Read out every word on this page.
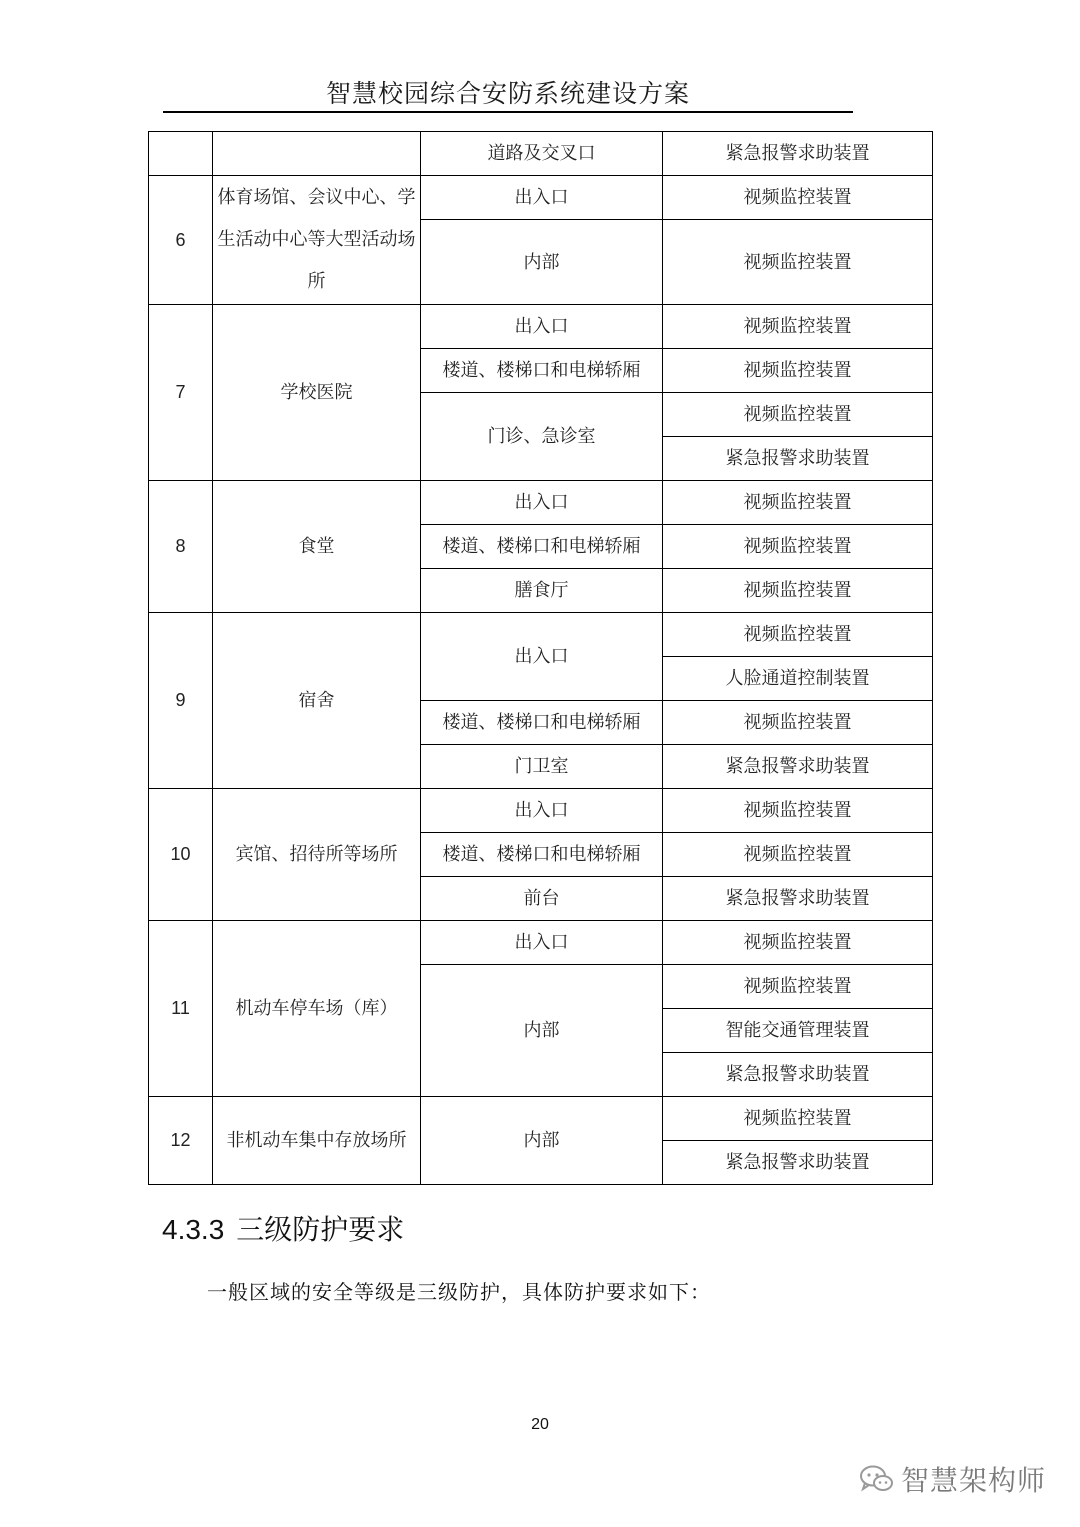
智慧校园综合安防系统建设方案
		道路及交叉口	紧急报警求助装置
6	体育场馆、会议中心、学生活动中心等大型活动场所	出入口	视频监控装置
		内部	视频监控装置
7	学校医院	出入口	视频监控装置
		楼道、楼梯口和电梯轿厢	视频监控装置
		门诊、急诊室	视频监控装置
			紧急报警求助装置
8	食堂	出入口	视频监控装置
		楼道、楼梯口和电梯轿厢	视频监控装置
		膳食厅	视频监控装置
9	宿舍	出入口	视频监控装置
			人脸通道控制装置
		楼道、楼梯口和电梯轿厢	视频监控装置
		门卫室	紧急报警求助装置
10	宾馆、招待所等场所	出入口	视频监控装置
		楼道、楼梯口和电梯轿厢	视频监控装置
		前台	紧急报警求助装置
11	机动车停车场（库）	出入口	视频监控装置
		内部	视频监控装置
			智能交通管理装置
			紧急报警求助装置
12	非机动车集中存放场所	内部	视频监控装置
			紧急报警求助装置
4.3.3 三级防护要求
一般区域的安全等级是三级防护，具体防护要求如下：
20
智慧架构师
